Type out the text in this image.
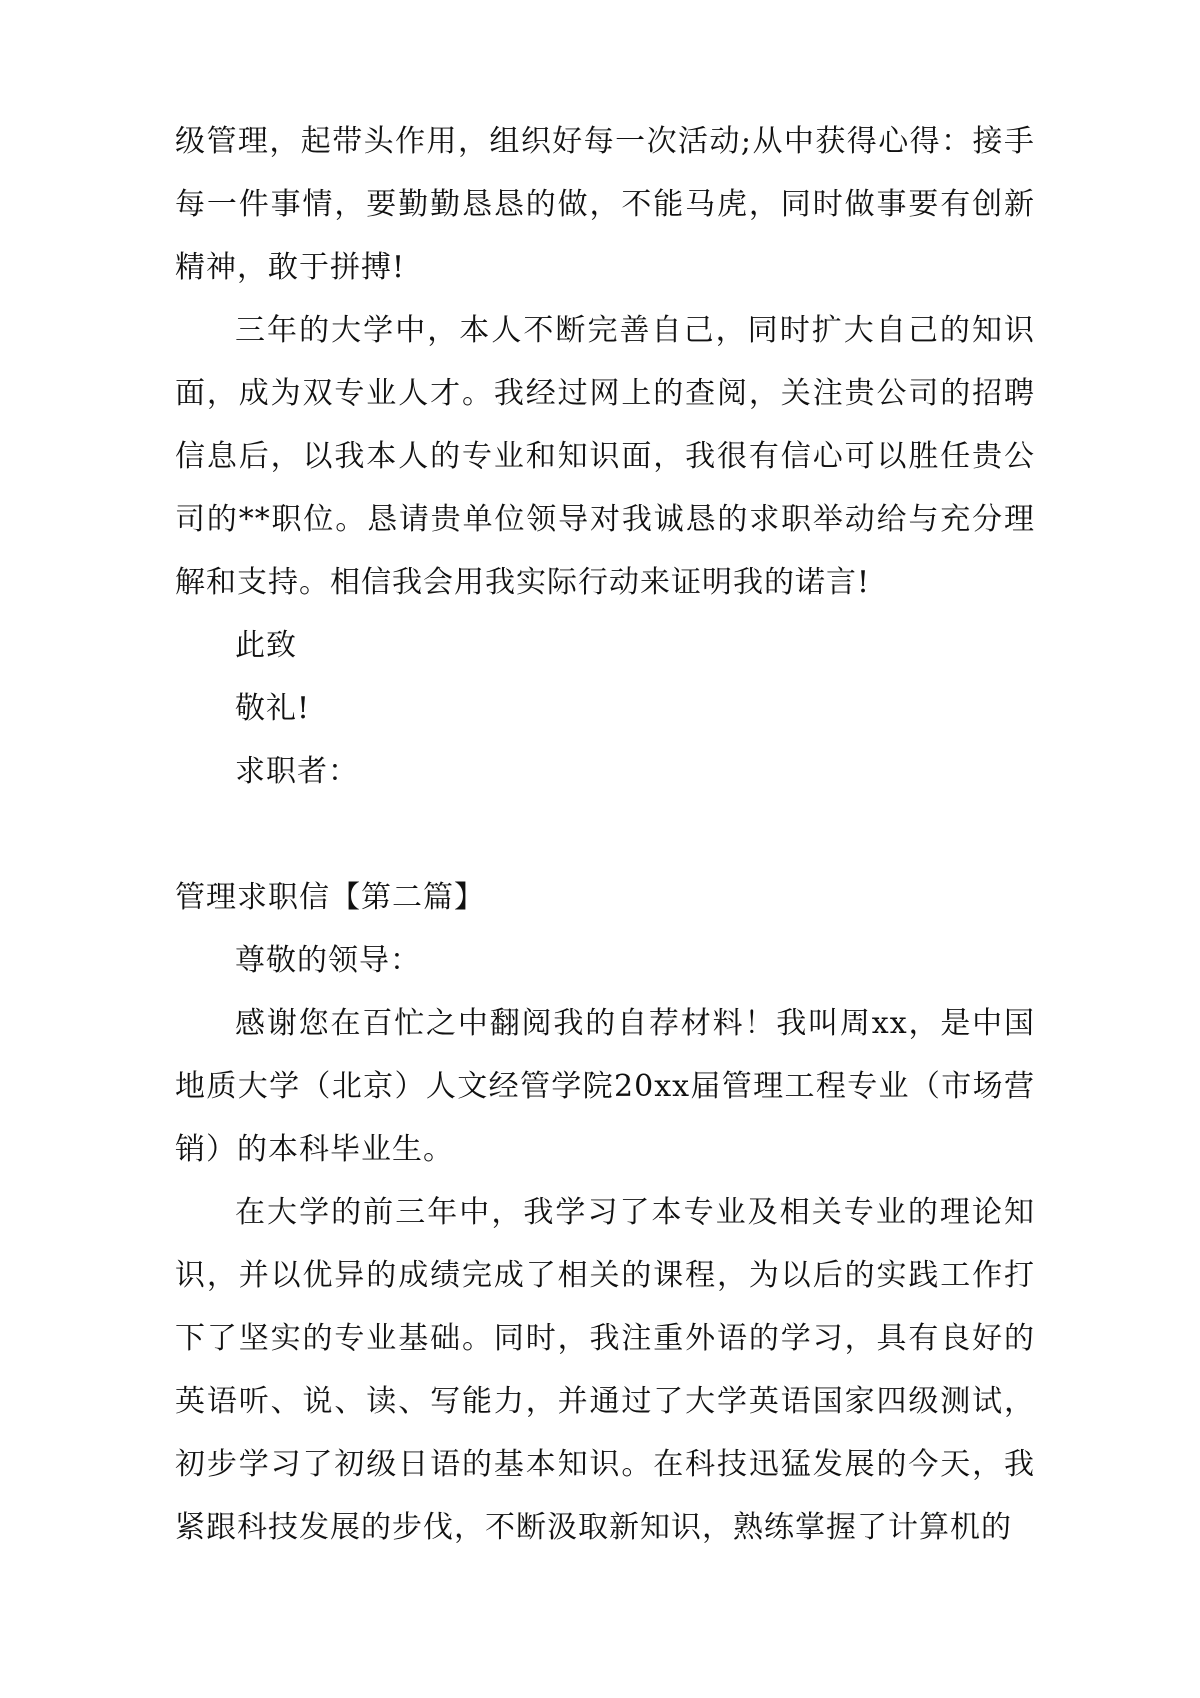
级管理，起带头作用，组织好每一次活动;从中获得心得：接手每一件事情，要勤勤恳恳的做，不能马虎，同时做事要有创新精神，敢于拼搏!

三年的大学中，本人不断完善自己，同时扩大自己的知识面，成为双专业人才。我经过网上的查阅，关注贵公司的招聘信息后，以我本人的专业和知识面，我很有信心可以胜任贵公司的**职位。恳请贵单位领导对我诚恳的求职举动给与充分理解和支持。相信我会用我实际行动来证明我的诺言!

此致

敬礼!

求职者：

管理求职信【第二篇】

尊敬的领导：

感谢您在百忙之中翻阅我的自荐材料！我叫周xx，是中国地质大学（北京）人文经管学院20xx届管理工程专业（市场营销）的本科毕业生。

在大学的前三年中，我学习了本专业及相关专业的理论知识，并以优异的成绩完成了相关的课程，为以后的实践工作打下了坚实的专业基础。同时，我注重外语的学习，具有良好的英语听、说、读、写能力，并通过了大学英语国家四级测试，初步学习了初级日语的基本知识。在科技迅猛发展的今天，我紧跟科技发展的步伐，不断汲取新知识，熟练掌握了计算机的
